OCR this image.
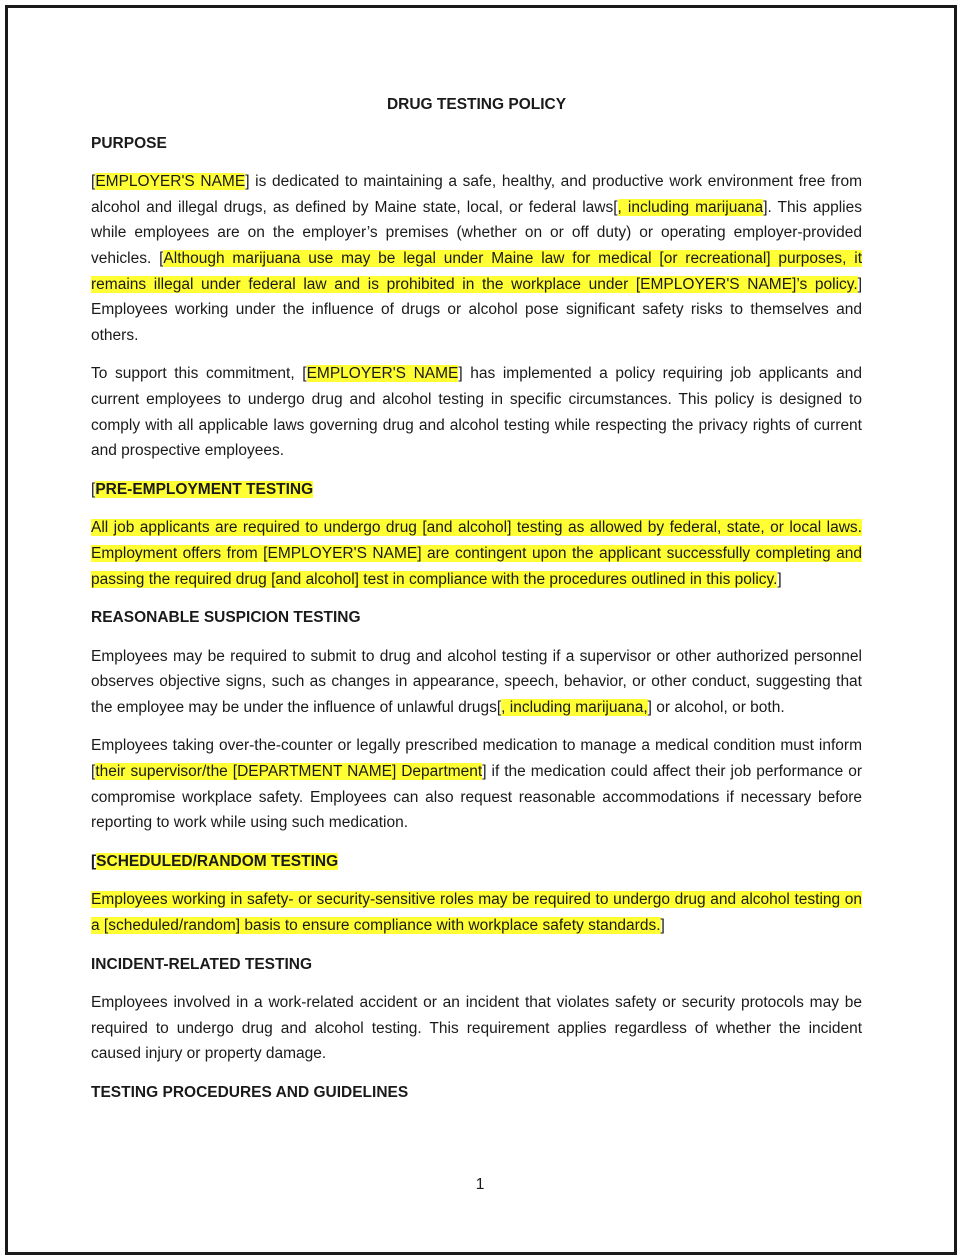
DRUG TESTING POLICY
PURPOSE

[EMPLOYER'S NAME] is dedicated to maintaining a safe, healthy, and productive work environment free from alcohol and illegal drugs, as defined by Maine state, local, or federal laws[, including marijuana]. This applies while employees are on the employer’s premises (whether on or off duty) or operating employer-provided vehicles. [Although marijuana use may be legal under Maine law for medical [or recreational] purposes, it remains illegal under federal law and is prohibited in the workplace under [EMPLOYER'S NAME]’s policy.] Employees working under the influence of drugs or alcohol pose significant safety risks to themselves and others.

To support this commitment, [EMPLOYER'S NAME] has implemented a policy requiring job applicants and current employees to undergo drug and alcohol testing in specific circumstances. This policy is designed to comply with all applicable laws governing drug and alcohol testing while respecting the privacy rights of current and prospective employees.

[PRE-EMPLOYMENT TESTING

All job applicants are required to undergo drug [and alcohol] testing as allowed by federal, state, or local laws. Employment offers from [EMPLOYER'S NAME] are contingent upon the applicant successfully completing and passing the required drug [and alcohol] test in compliance with the procedures outlined in this policy.]

REASONABLE SUSPICION TESTING

Employees may be required to submit to drug and alcohol testing if a supervisor or other authorized personnel observes objective signs, such as changes in appearance, speech, behavior, or other conduct, suggesting that the employee may be under the influence of unlawful drugs[, including marijuana,] or alcohol, or both.

Employees taking over-the-counter or legally prescribed medication to manage a medical condition must inform [their supervisor/the [DEPARTMENT NAME] Department] if the medication could affect their job performance or compromise workplace safety. Employees can also request reasonable accommodations if necessary before reporting to work while using such medication.

[SCHEDULED/RANDOM TESTING

Employees working in safety- or security-sensitive roles may be required to undergo drug and alcohol testing on a [scheduled/random] basis to ensure compliance with workplace safety standards.]

INCIDENT-RELATED TESTING

Employees involved in a work-related accident or an incident that violates safety or security protocols may be required to undergo drug and alcohol testing. This requirement applies regardless of whether the incident caused injury or property damage.

TESTING PROCEDURES AND GUIDELINES
1
